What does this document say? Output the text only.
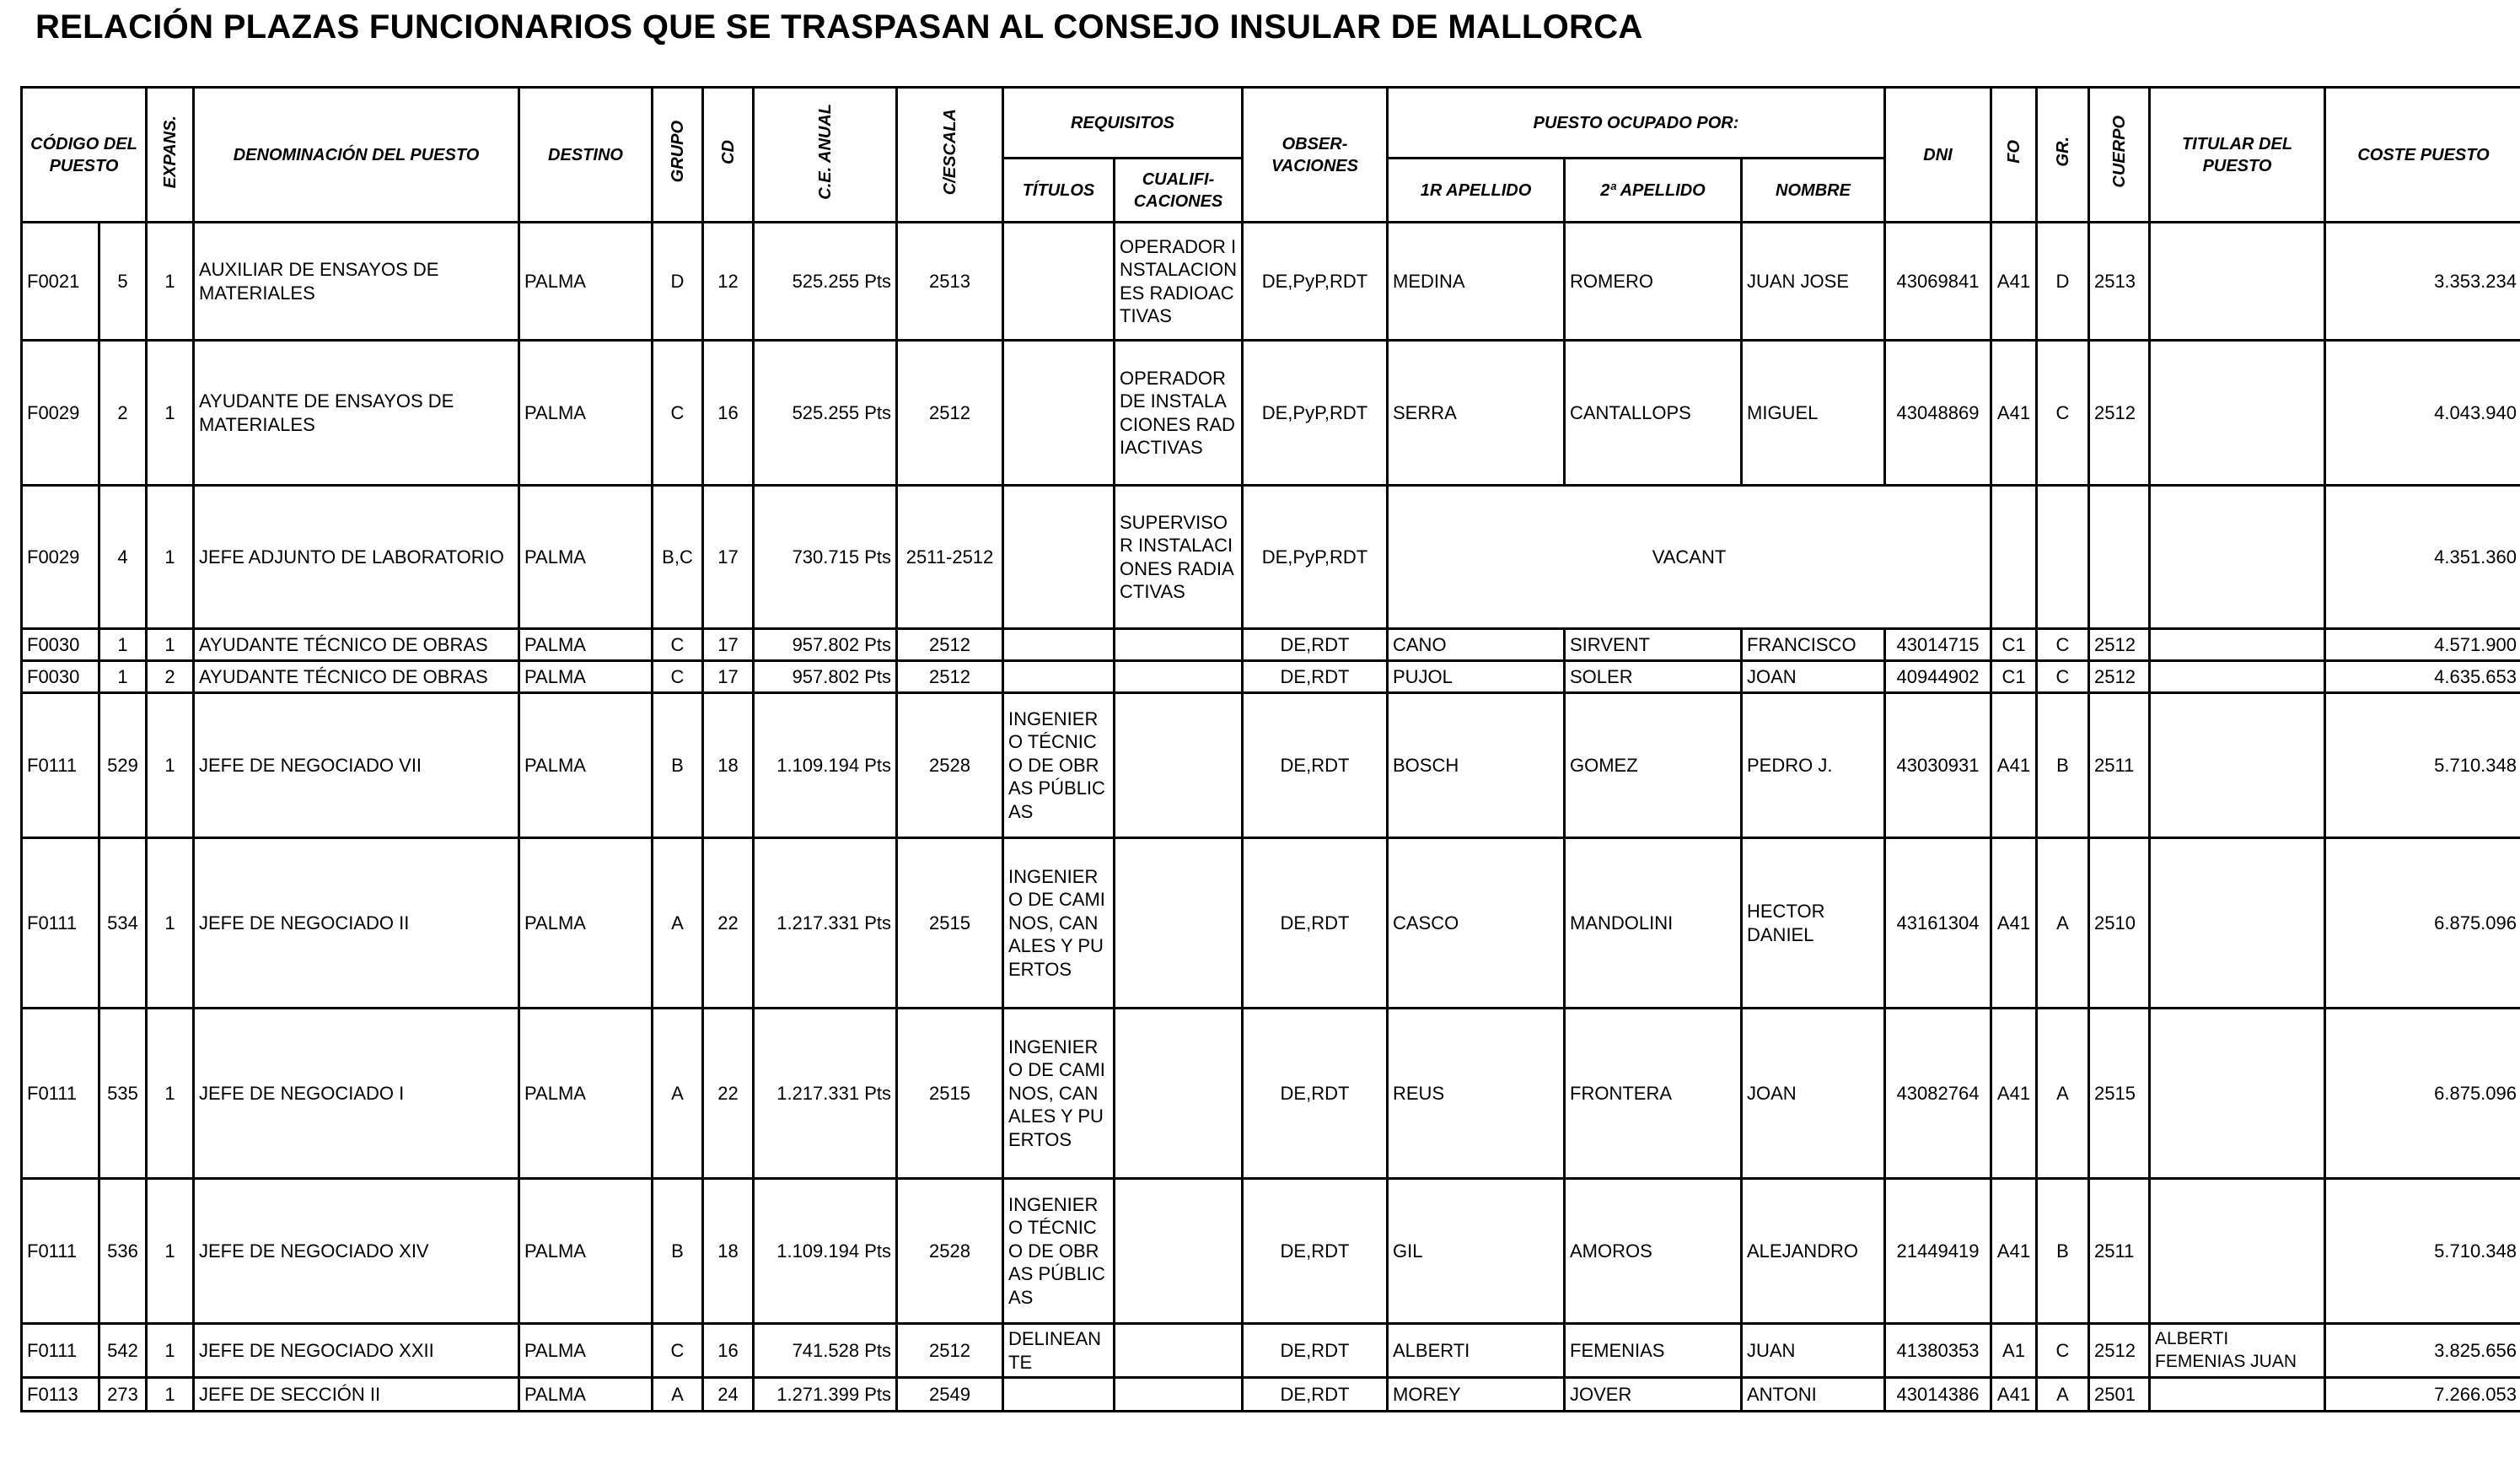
RELACIÓN PLAZAS FUNCIONARIOS QUE SE TRASPASAN AL CONSEJO INSULAR DE MALLORCA
CÓDIGO DEL PUESTO		EXPANS.	DENOMINACIÓN DEL PUESTO	DESTINO	GRUPO	CD	C.E. ANUAL	C/ESCALA	REQUISITOS		OBSER-VACIONES	PUESTO OCUPADO POR:			DNI	FO	GR.	CUERPO	TITULAR DEL PUESTO	COSTE PUESTO
									TÍTULOS	CUALIFI-CACIONES		1R APELLIDO	2ª APELLIDO	NOMBRE						
F0021	5	1	AUXILIAR DE ENSAYOS DE MATERIALES	PALMA	D	12	525.255 Pts	2513		OPERADOR INSTALACIONES RADIOACTIVAS	DE,PyP,RDT	MEDINA	ROMERO	JUAN JOSE	43069841	A41	D	2513		3.353.234
F0029	2	1	AYUDANTE DE ENSAYOS DE MATERIALES	PALMA	C	16	525.255 Pts	2512		OPERADOR DE INSTALACIONES RADIACTIVAS	DE,PyP,RDT	SERRA	CANTALLOPS	MIGUEL	43048869	A41	C	2512		4.043.940
F0029	4	1	JEFE ADJUNTO DE LABORATORIO	PALMA	B,C	17	730.715 Pts	2511-2512		SUPERVISOR INSTALACIONES RADIACTIVAS	DE,PyP,RDT	VACANT								4.351.360
F0030	1	1	AYUDANTE TÉCNICO DE OBRAS	PALMA	C	17	957.802 Pts	2512			DE,RDT	CANO	SIRVENT	FRANCISCO	43014715	C1	C	2512		4.571.900
F0030	1	2	AYUDANTE TÉCNICO DE OBRAS	PALMA	C	17	957.802 Pts	2512			DE,RDT	PUJOL	SOLER	JOAN	40944902	C1	C	2512		4.635.653
F0111	529	1	JEFE DE NEGOCIADO VII	PALMA	B	18	1.109.194 Pts	2528	INGENIERO TÉCNICO DE OBRAS PÚBLICAS		DE,RDT	BOSCH	GOMEZ	PEDRO J.	43030931	A41	B	2511		5.710.348
F0111	534	1	JEFE DE NEGOCIADO II	PALMA	A	22	1.217.331 Pts	2515	INGENIERO DE CAMINOS, CANALES Y PUERTOS		DE,RDT	CASCO	MANDOLINI	HECTOR DANIEL	43161304	A41	A	2510		6.875.096
F0111	535	1	JEFE DE NEGOCIADO I	PALMA	A	22	1.217.331 Pts	2515	INGENIERO DE CAMINOS, CANALES Y PUERTOS		DE,RDT	REUS	FRONTERA	JOAN	43082764	A41	A	2515		6.875.096
F0111	536	1	JEFE DE NEGOCIADO XIV	PALMA	B	18	1.109.194 Pts	2528	INGENIERO TÉCNICO DE OBRAS PÚBLICAS		DE,RDT	GIL	AMOROS	ALEJANDRO	21449419	A41	B	2511		5.710.348
F0111	542	1	JEFE DE NEGOCIADO XXII	PALMA	C	16	741.528 Pts	2512	DELINEANTE		DE,RDT	ALBERTI	FEMENIAS	JUAN	41380353	A1	C	2512	ALBERTI FEMENIAS JUAN	3.825.656
F0113	273	1	JEFE DE SECCIÓN II	PALMA	A	24	1.271.399 Pts	2549			DE,RDT	MOREY	JOVER	ANTONI	43014386	A41	A	2501		7.266.053
